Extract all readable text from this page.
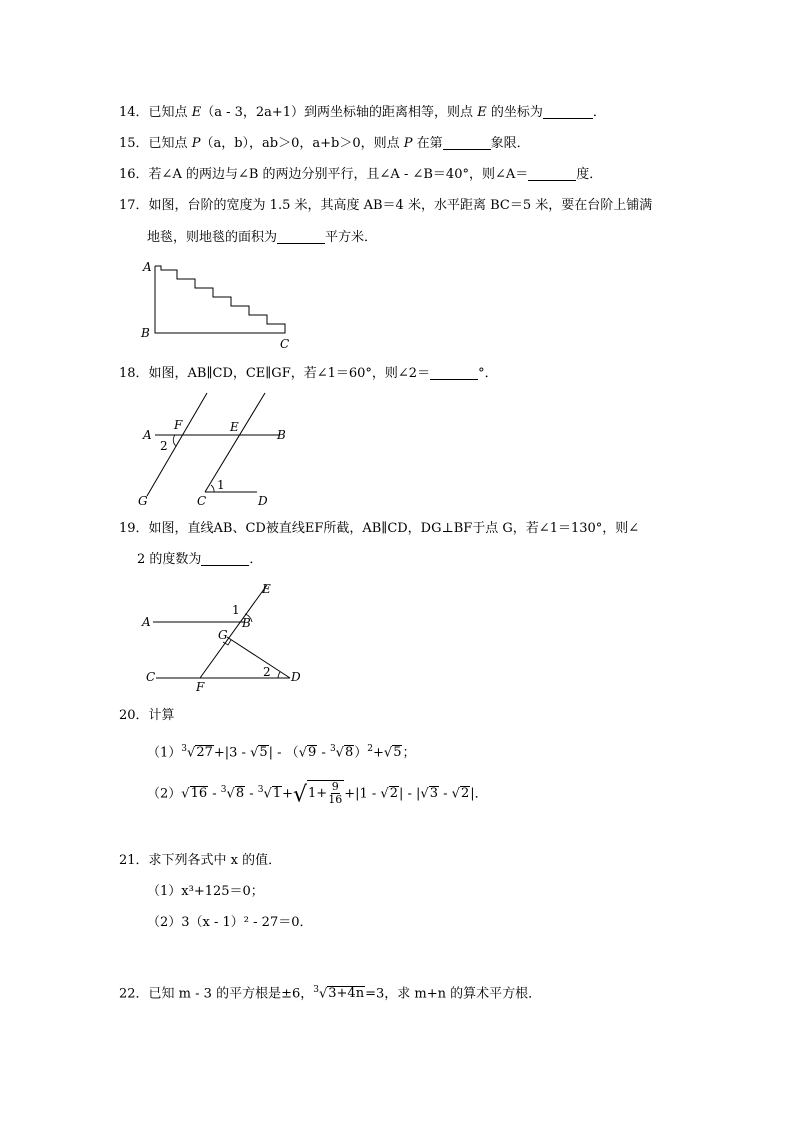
14．已知点 E（a - 3，2a+1）到两坐标轴的距离相等，则点 E 的坐标为	．
15．已知点 P（a，b），ab＞0，a+b＞0，则点 P 在第	象限．
16．若∠A 的两边与∠B 的两边分别平行，且∠A - ∠B＝40°，则∠A＝	度．
17．如图，台阶的宽度为 1.5 米，其高度 AB＝4 米，水平距离 BC＝5 米，要在台阶上铺满
地毯，则地毯的面积为	平方米．
A
B
C
18．如图，AB∥CD，CE∥GF，若∠1＝60°，则∠2＝	°．
A
F	E
B
2
1
G	C	D
19．如图，直线AB、CD被直线EF所截，AB∥CD，DG⊥BF于点 G，若∠1＝130°，则∠
2 的度数为	．
E
1
A	B
G
2
C
F
D
20．计算
$(1)^3√27+|3 - √5| - (√9 - ^3√8)^2+√5$；
$(2)√16 - ^3√8 - ^3√1+√1+ \frac{9}{16} +|1 - √2| - |√3 - √2|$．
21．求下列各式中 x 的值．
（1）x³+125＝0；
（2）3（x - 1）² - 27＝0．
22．已知 m - 3 的平方根是±6，$^3$√3+4n=3，求 m+n 的算术平方根．
